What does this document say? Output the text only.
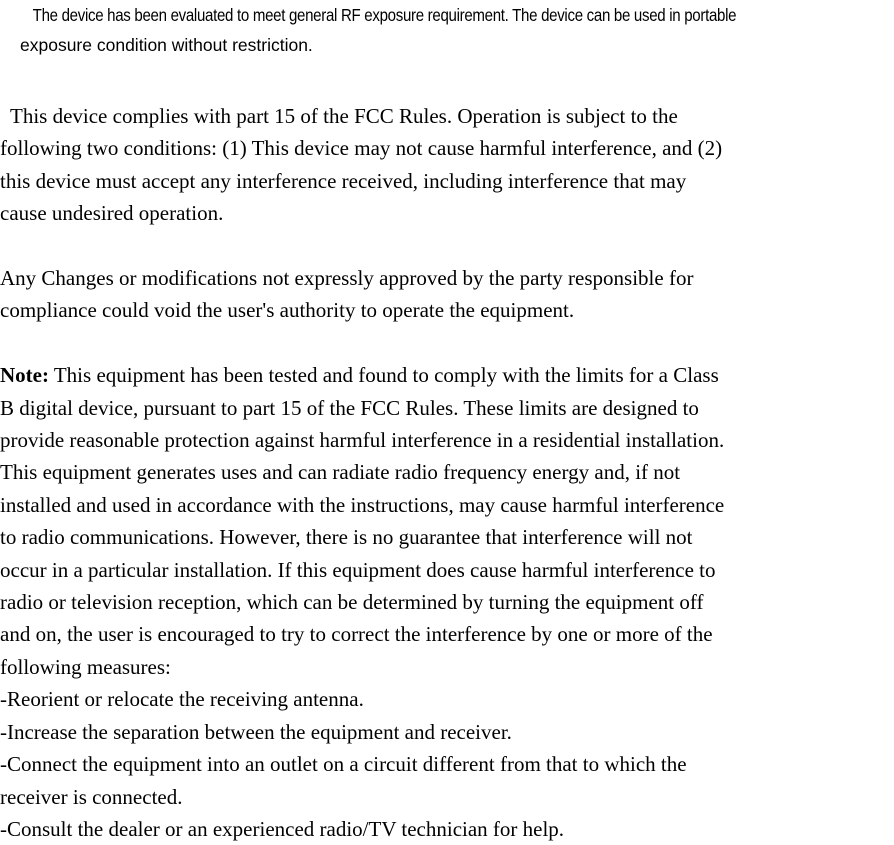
The device has been evaluated to meet general RF exposure requirement. The device can be used in portable
exposure condition without restriction.

This device complies with part 15 of the FCC Rules. Operation is subject to the
following two conditions: (1) This device may not cause harmful interference, and (2)
this device must accept any interference received, including interference that may
cause undesired operation.

Any Changes or modifications not expressly approved by the party responsible for
compliance could void the user's authority to operate the equipment.

Note: This equipment has been tested and found to comply with the limits for a Class
B digital device, pursuant to part 15 of the FCC Rules. These limits are designed to
provide reasonable protection against harmful interference in a residential installation.
This equipment generates uses and can radiate radio frequency energy and, if not
installed and used in accordance with the instructions, may cause harmful interference
to radio communications. However, there is no guarantee that interference will not
occur in a particular installation. If this equipment does cause harmful interference to
radio or television reception, which can be determined by turning the equipment off
and on, the user is encouraged to try to correct the interference by one or more of the
following measures:

-Reorient or relocate the receiving antenna.
-Increase the separation between the equipment and receiver.
-Connect the equipment into an outlet on a circuit different from that to which the
receiver is connected.
-Consult the dealer or an experienced radio/TV technician for help.
